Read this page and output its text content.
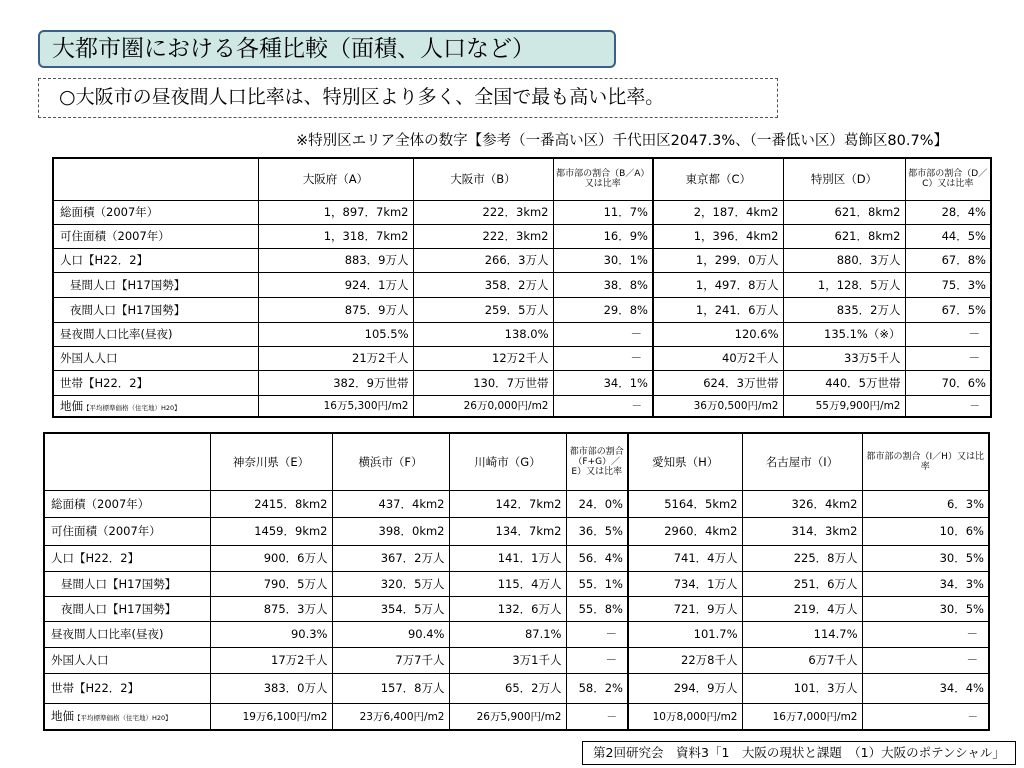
大都市圏における各種比較（面積、人口など）
○大阪市の昼夜間人口比率は、特別区より多く、全国で最も高い比率。
※特別区エリア全体の数字【参考（一番高い区）千代田区2047.3%、（一番低い区）葛飾区80.7%】
	大阪府（A）	大阪市（B）	都市部の割合（B／A）又は比率	東京都（C）	特別区（D）	都市部の割合（D／C）又は比率
総面積（2007年）	1，897．7km2	222．3km2	11．7%	2，187．4km2	621．8km2	28．4%
可住面積（2007年）	1，318．7km2	222．3km2	16．9%	1，396．4km2	621．8km2	44．5%
人口【H22．2】	883．9万人	266．3万人	30．1%	1，299．0万人	880．3万人	67．8%
昼間人口【H17国勢】	924．1万人	358．2万人	38．8%	1，497．8万人	1，128．5万人	75．3%
夜間人口【H17国勢】	875．9万人	259．5万人	29．8%	1，241．6万人	835．2万人	67．5%
昼夜間人口比率(昼夜)	105.5%	138.0%	－	120.6%	135.1%（※）	－
外国人人口	21万2千人	12万2千人	－	40万2千人	33万5千人	－
世帯【H22．2】	382．9万世帯	130．7万世帯	34．1%	624．3万世帯	440．5万世帯	70．6%
地価【平均標準価格（住宅地）H20】	16万5,300円/m2	26万0,000円/m2	－	36万0,500円/m2	55万9,900円/m2	－
	神奈川県（E）	横浜市（F）	川崎市（G）	都市部の割合（F+G）／E）又は比率	愛知県（H）	名古屋市（I）	都市部の割合（I／H）又は比率
総面積（2007年）	2415．8km2	437．4km2	142．7km2	24．0%	5164．5km2	326．4km2	6．3%
可住面積（2007年）	1459．9km2	398．0km2	134．7km2	36．5%	2960．4km2	314．3km2	10．6%
人口【H22．2】	900．6万人	367．2万人	141．1万人	56．4%	741．4万人	225．8万人	30．5%
昼間人口【H17国勢】	790．5万人	320．5万人	115．4万人	55．1%	734．1万人	251．6万人	34．3%
夜間人口【H17国勢】	875．3万人	354．5万人	132．6万人	55．8%	721．9万人	219．4万人	30．5%
昼夜間人口比率(昼夜)	90.3%	90.4%	87.1%	－	101.7%	114.7%	－
外国人人口	17万2千人	7万7千人	3万1千人	－	22万8千人	6万7千人	－
世帯【H22．2】	383．0万人	157．8万人	65．2万人	58．2%	294．9万人	101．3万人	34．4%
地価【平均標準価格（住宅地）H20】	19万6,100円/m2	23万6,400円/m2	26万5,900円/m2	－	10万8,000円/m2	16万7,000円/m2	－
第2回研究会　資料3「1　大阪の現状と課題　（1）大阪のポテンシャル」
